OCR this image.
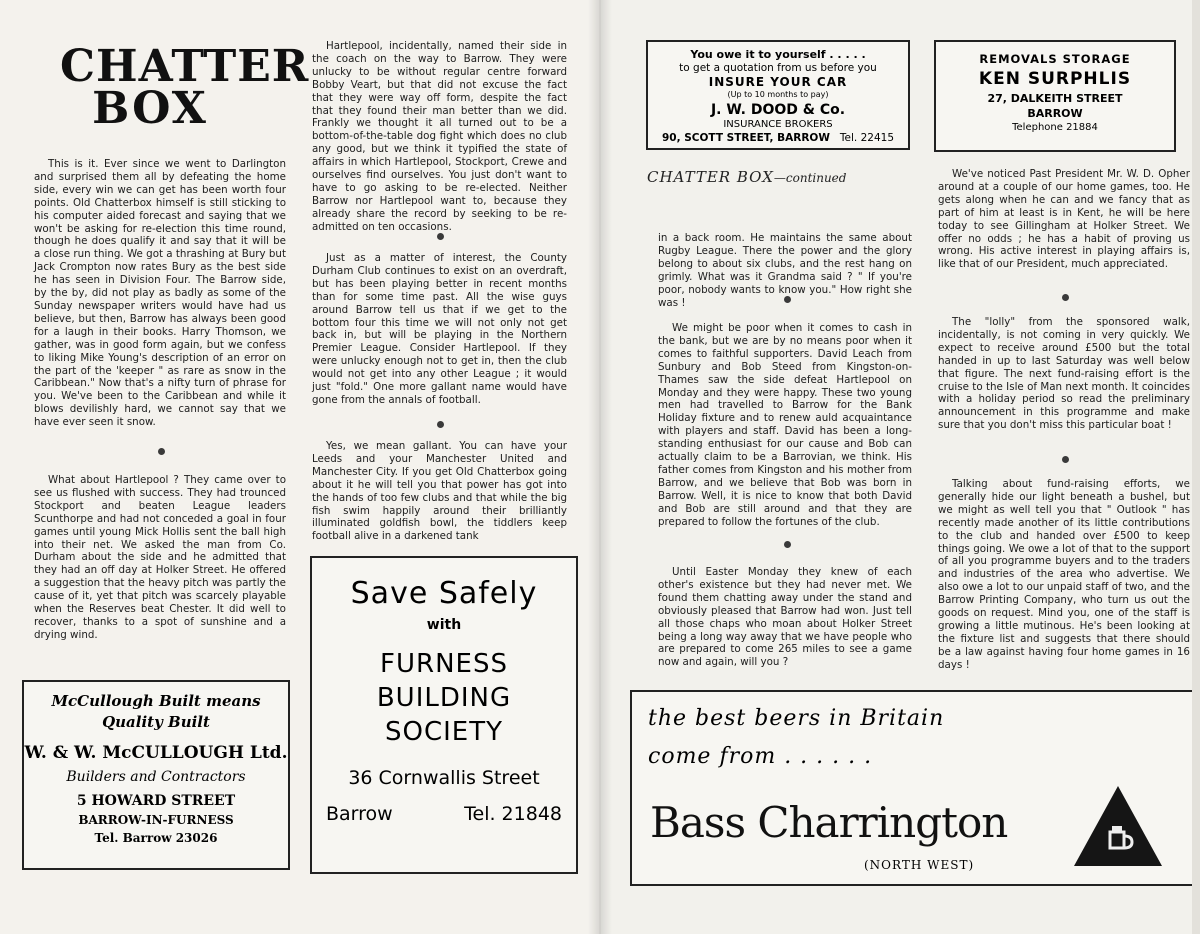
CHATTER
BOX

This is it. Ever since we went to Darlington and surprised them all by defeating the home side, every win we can get has been worth four points. Old Chatterbox himself is still sticking to his computer aided forecast and saying that we won't be asking for re-election this time round, though he does qualify it and say that it will be a close run thing. We got a thrashing at Bury but Jack Crompton now rates Bury as the best side he has seen in Division Four. The Barrow side, by the by, did not play as badly as some of the Sunday newspaper writers would have had us believe, but then, Barrow has always been good for a laugh in their books. Harry Thomson, we gather, was in good form again, but we confess to liking Mike Young's description of an error on the part of the 'keeper " as rare as snow in the Caribbean." Now that's a nifty turn of phrase for you. We've been to the Caribbean and while it blows devilishly hard, we cannot say that we have ever seen it snow.

What about Hartlepool ? They came over to see us flushed with success. They had trounced Stockport and beaten League leaders Scunthorpe and had not conceded a goal in four games until young Mick Hollis sent the ball high into their net. We asked the man from Co. Durham about the side and he admitted that they had an off day at Holker Street. He offered a suggestion that the heavy pitch was partly the cause of it, yet that pitch was scarcely playable when the Reserves beat Chester. It did well to recover, thanks to a spot of sunshine and a drying wind.

Hartlepool, incidentally, named their side in the coach on the way to Barrow. They were unlucky to be without regular centre forward Bobby Veart, but that did not excuse the fact that they were way off form, despite the fact that they found their man better than we did. Frankly we thought it all turned out to be a bottom-of-the-table dog fight which does no club any good, but we think it typified the state of affairs in which Hartlepool, Stockport, Crewe and ourselves find ourselves. You just don't want to have to go asking to be re-elected. Neither Barrow nor Hartlepool want to, because they already share the record by seeking to be re-admitted on ten occasions.

Just as a matter of interest, the County Durham Club continues to exist on an overdraft, but has been playing better in recent months than for some time past. All the wise guys around Barrow tell us that if we get to the bottom four this time we will not only not get back in, but will be playing in the Northern Premier League. Consider Hartlepool. If they were unlucky enough not to get in, then the club would not get into any other League ; it would just "fold." One more gallant name would have gone from the annals of football.

Yes, we mean gallant. You can have your Leeds and your Manchester United and Manchester City. If you get Old Chatterbox going about it he will tell you that power has got into the hands of too few clubs and that while the big fish swim happily around their brilliantly illuminated goldfish bowl, the tiddlers keep football alive in a darkened tank

McCullough Built means
Quality Built
W. & W. McCULLOUGH Ltd.
Builders and Contractors
5 HOWARD STREET
BARROW-IN-FURNESS
Tel. Barrow 23026
Save Safely
with
FURNESS
BUILDING
SOCIETY
36 Cornwallis Street
Barrow	Tel. 21848
You owe it to yourself . . . . .
to get a quotation from us before you
INSURE YOUR CAR
(Up to 10 months to pay)
J. W. DOOD & Co.
INSURANCE BROKERS
90, SCOTT STREET, BARROW Tel. 22415
REMOVALS STORAGE
KEN SURPHLIS
27, DALKEITH STREET
BARROW
Telephone 21884

in a back room. He maintains the same about Rugby League. There the power and the glory belong to about six clubs, and the rest hang on grimly. What was it Grandma said ? " If you're poor, nobody wants to know you." How right she was !

We might be poor when it comes to cash in the bank, but we are by no means poor when it comes to faithful supporters. David Leach from Sunbury and Bob Steed from Kingston-on-Thames saw the side defeat Hartlepool on Monday and they were happy. These two young men had travelled to Barrow for the Bank Holiday fixture and to renew auld acquaintance with players and staff. David has been a long-standing enthusiast for our cause and Bob can actually claim to be a Barrovian, we think. His father comes from Kingston and his mother from Barrow, and we believe that Bob was born in Barrow. Well, it is nice to know that both David and Bob are still around and that they are prepared to follow the fortunes of the club.

Until Easter Monday they knew of each other's existence but they had never met. We found them chatting away under the stand and obviously pleased that Barrow had won. Just tell all those chaps who moan about Holker Street being a long way away that we have people who are prepared to come 265 miles to see a game now and again, will you ?

We've noticed Past President Mr. W. D. Opher around at a couple of our home games, too. He gets along when he can and we fancy that as part of him at least is in Kent, he will be here today to see Gillingham at Holker Street. We offer no odds ; he has a habit of proving us wrong. His active interest in playing affairs is, like that of our President, much appreciated.

The "lolly" from the sponsored walk, incidentally, is not coming in very quickly. We expect to receive around £500 but the total handed in up to last Saturday was well below that figure. The next fund-raising effort is the cruise to the Isle of Man next month. It coincides with a holiday period so read the preliminary announcement in this programme and make sure that you don't miss this particular boat !

Talking about fund-raising efforts, we generally hide our light beneath a bushel, but we might as well tell you that " Outlook " has recently made another of its little contributions to the club and handed over £500 to keep things going. We owe a lot of that to the support of all you programme buyers and to the traders and industries of the area who advertise. We also owe a lot to our unpaid staff of two, and the Barrow Printing Company, who turn us out the goods on request. Mind you, one of the staff is growing a little mutinous. He's been looking at the fixture list and suggests that there should be a law against having four home games in 16 days !

the best beers in Britain
come from . . . . . .
Bass Charrington
(NORTH WEST)
CHATTER BOX—continued
